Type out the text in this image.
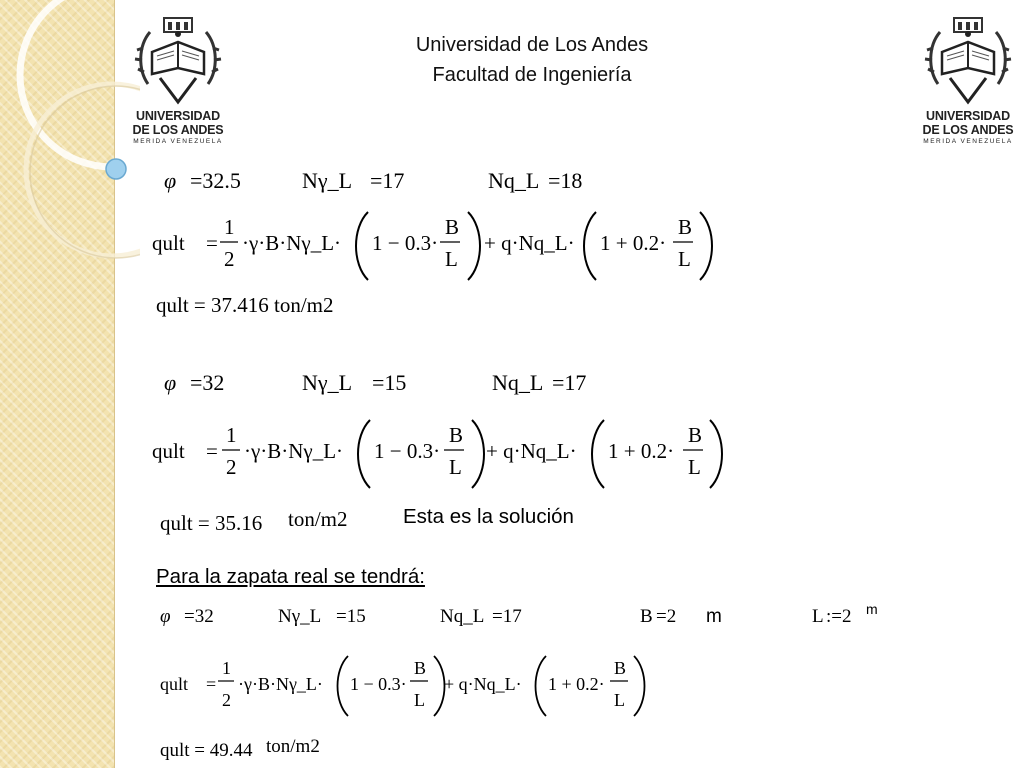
UNIVERSIDAD
DE LOS ANDES
MERIDA VENEZUELA
UNIVERSIDAD
DE LOS ANDES
MERIDA VENEZUELA
Universidad de Los Andes
Facultad de Ingeniería
φ =32.5	Nγ_L =17	Nq_L =18
qult =
1
2
·γ·B·Nγ_L· 1 − 0.3·
B
L
+ q·Nq_L· 1 + 0.2·
B
L
qult = 37.416 ton/m2
φ =32	Nγ_L =15	Nq_L =17
qult =
1
2
·γ·B·Nγ_L· 1 − 0.3·
B
L
+ q·Nq_L· 1 + 0.2·
B
L
qult = 35.16 ton/m2	Esta es la solución
Para la zapata real se tendrá:
φ =32	Nγ_L =15	Nq_L =17	B =2 m	L :=2 m
qult =
1
2
·γ·B·Nγ_L· 1 − 0.3·
B
L
+ q·Nq_L· 1 + 0.2·
B
L
qult = 49.44 ton/m2
